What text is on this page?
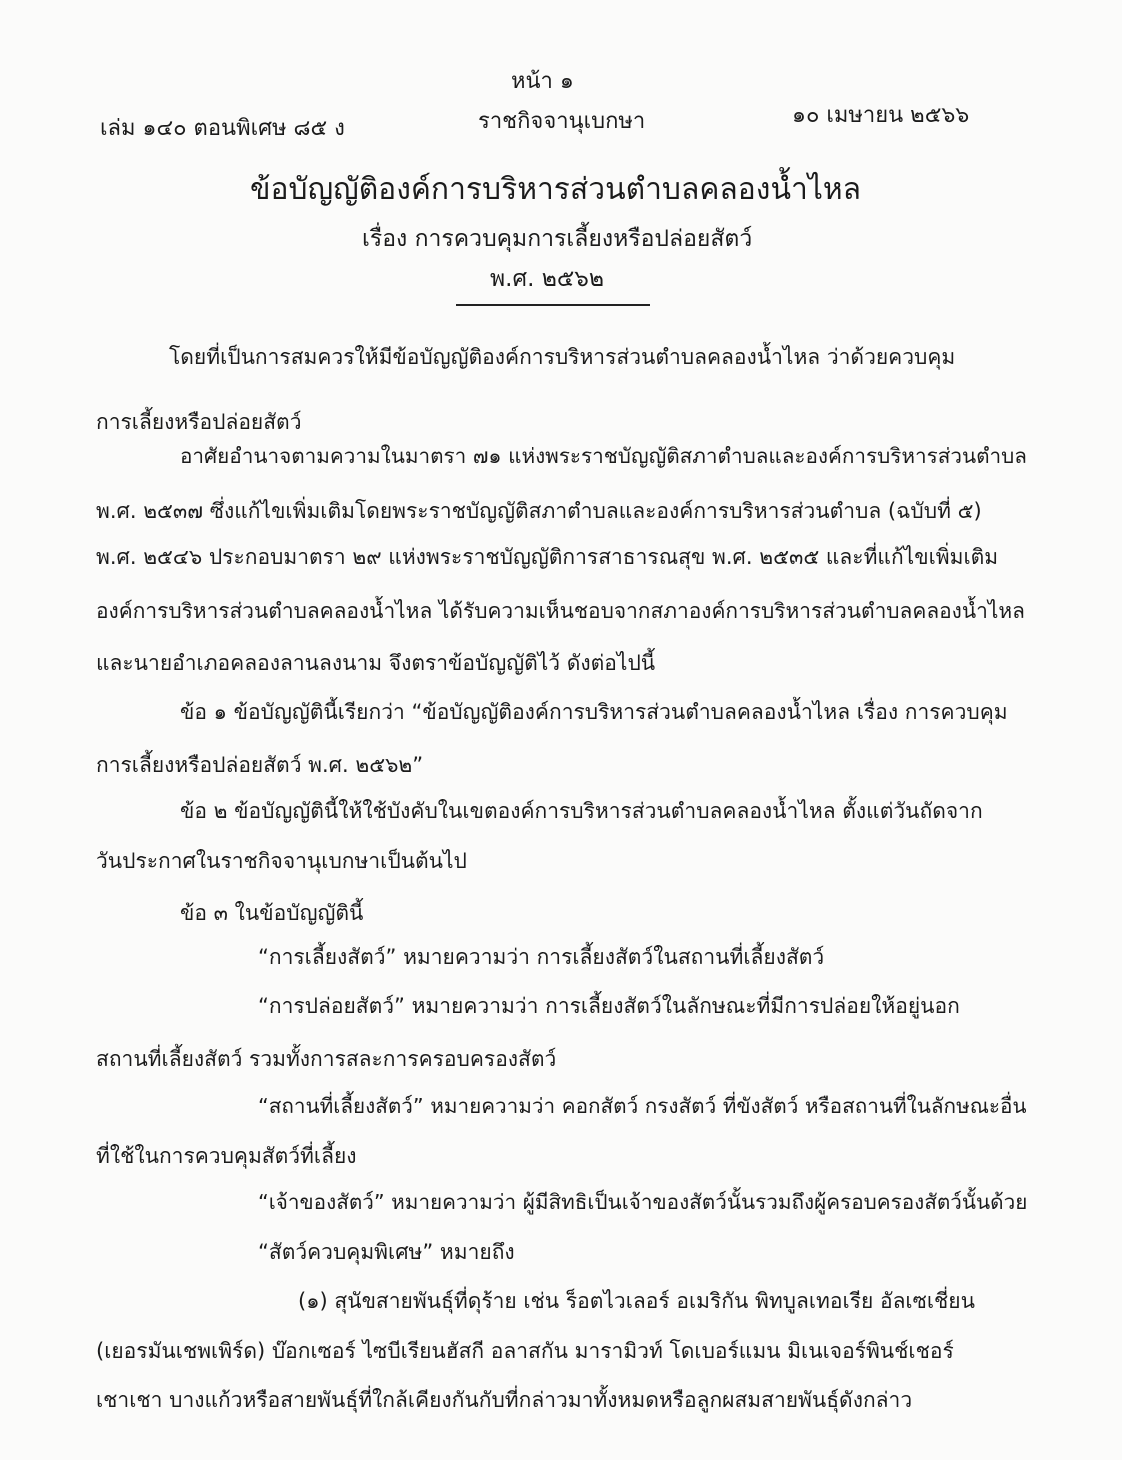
หน้า ๑
เล่ม ๑๔๐ ตอนพิเศษ ๘๕ ง	ราชกิจจานุเบกษา	๑๐ เมษายน ๒๕๖๖
ข้อบัญญัติองค์การบริหารส่วนตำบลคลองน้ำไหล
เรื่อง การควบคุมการเลี้ยงหรือปล่อยสัตว์
พ.ศ. ๒๕๖๒
โดยที่เป็นการสมควรให้มีข้อบัญญัติองค์การบริหารส่วนตำบลคลองน้ำไหล ว่าด้วยควบคุม
การเลี้ยงหรือปล่อยสัตว์
อาศัยอำนาจตามความในมาตรา ๗๑ แห่งพระราชบัญญัติสภาตำบลและองค์การบริหารส่วนตำบล
พ.ศ. ๒๕๓๗ ซึ่งแก้ไขเพิ่มเติมโดยพระราชบัญญัติสภาตำบลและองค์การบริหารส่วนตำบล (ฉบับที่ ๕)
พ.ศ. ๒๕๔๖ ประกอบมาตรา ๒๙ แห่งพระราชบัญญัติการสาธารณสุข พ.ศ. ๒๕๓๕ และที่แก้ไขเพิ่มเติม
องค์การบริหารส่วนตำบลคลองน้ำไหล ได้รับความเห็นชอบจากสภาองค์การบริหารส่วนตำบลคลองน้ำไหล
และนายอำเภอคลองลานลงนาม จึงตราข้อบัญญัติไว้ ดังต่อไปนี้
ข้อ ๑ ข้อบัญญัตินี้เรียกว่า “ข้อบัญญัติองค์การบริหารส่วนตำบลคลองน้ำไหล เรื่อง การควบคุม
การเลี้ยงหรือปล่อยสัตว์ พ.ศ. ๒๕๖๒”
ข้อ ๒ ข้อบัญญัตินี้ให้ใช้บังคับในเขตองค์การบริหารส่วนตำบลคลองน้ำไหล ตั้งแต่วันถัดจาก
วันประกาศในราชกิจจานุเบกษาเป็นต้นไป
ข้อ ๓ ในข้อบัญญัตินี้
“การเลี้ยงสัตว์” หมายความว่า การเลี้ยงสัตว์ในสถานที่เลี้ยงสัตว์
“การปล่อยสัตว์” หมายความว่า การเลี้ยงสัตว์ในลักษณะที่มีการปล่อยให้อยู่นอก
สถานที่เลี้ยงสัตว์ รวมทั้งการสละการครอบครองสัตว์
“สถานที่เลี้ยงสัตว์” หมายความว่า คอกสัตว์ กรงสัตว์ ที่ขังสัตว์ หรือสถานที่ในลักษณะอื่น
ที่ใช้ในการควบคุมสัตว์ที่เลี้ยง
“เจ้าของสัตว์” หมายความว่า ผู้มีสิทธิเป็นเจ้าของสัตว์นั้นรวมถึงผู้ครอบครองสัตว์นั้นด้วย
“สัตว์ควบคุมพิเศษ” หมายถึง
(๑) สุนัขสายพันธุ์ที่ดุร้าย เช่น ร็อตไวเลอร์ อเมริกัน พิทบูลเทอเรีย อัลเซเชี่ยน
(เยอรมันเชพเพิร์ด) บ๊อกเซอร์ ไซบีเรียนฮัสกี อลาสกัน มารามิวท์ โดเบอร์แมน มิเนเจอร์พินช์เชอร์
เชาเชา บางแก้วหรือสายพันธุ์ที่ใกล้เคียงกันกับที่กล่าวมาทั้งหมดหรือลูกผสมสายพันธุ์ดังกล่าว
